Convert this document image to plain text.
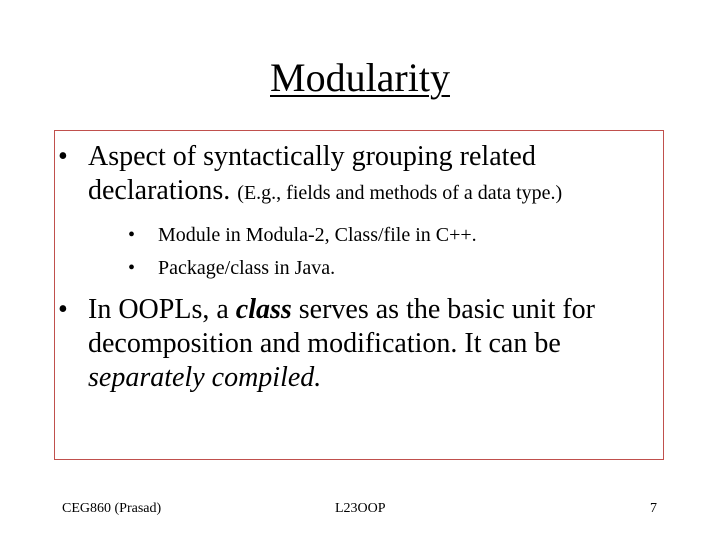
Modularity
• Aspect of syntactically grouping related declarations. (E.g., fields and methods of a data type.)
• Module in Modula-2, Class/file in C++.
• Package/class in Java.
• In OOPLs, a class serves as the basic unit for decomposition and modification. It can be separately compiled.
CEG860 (Prasad)	L23OOP	7
